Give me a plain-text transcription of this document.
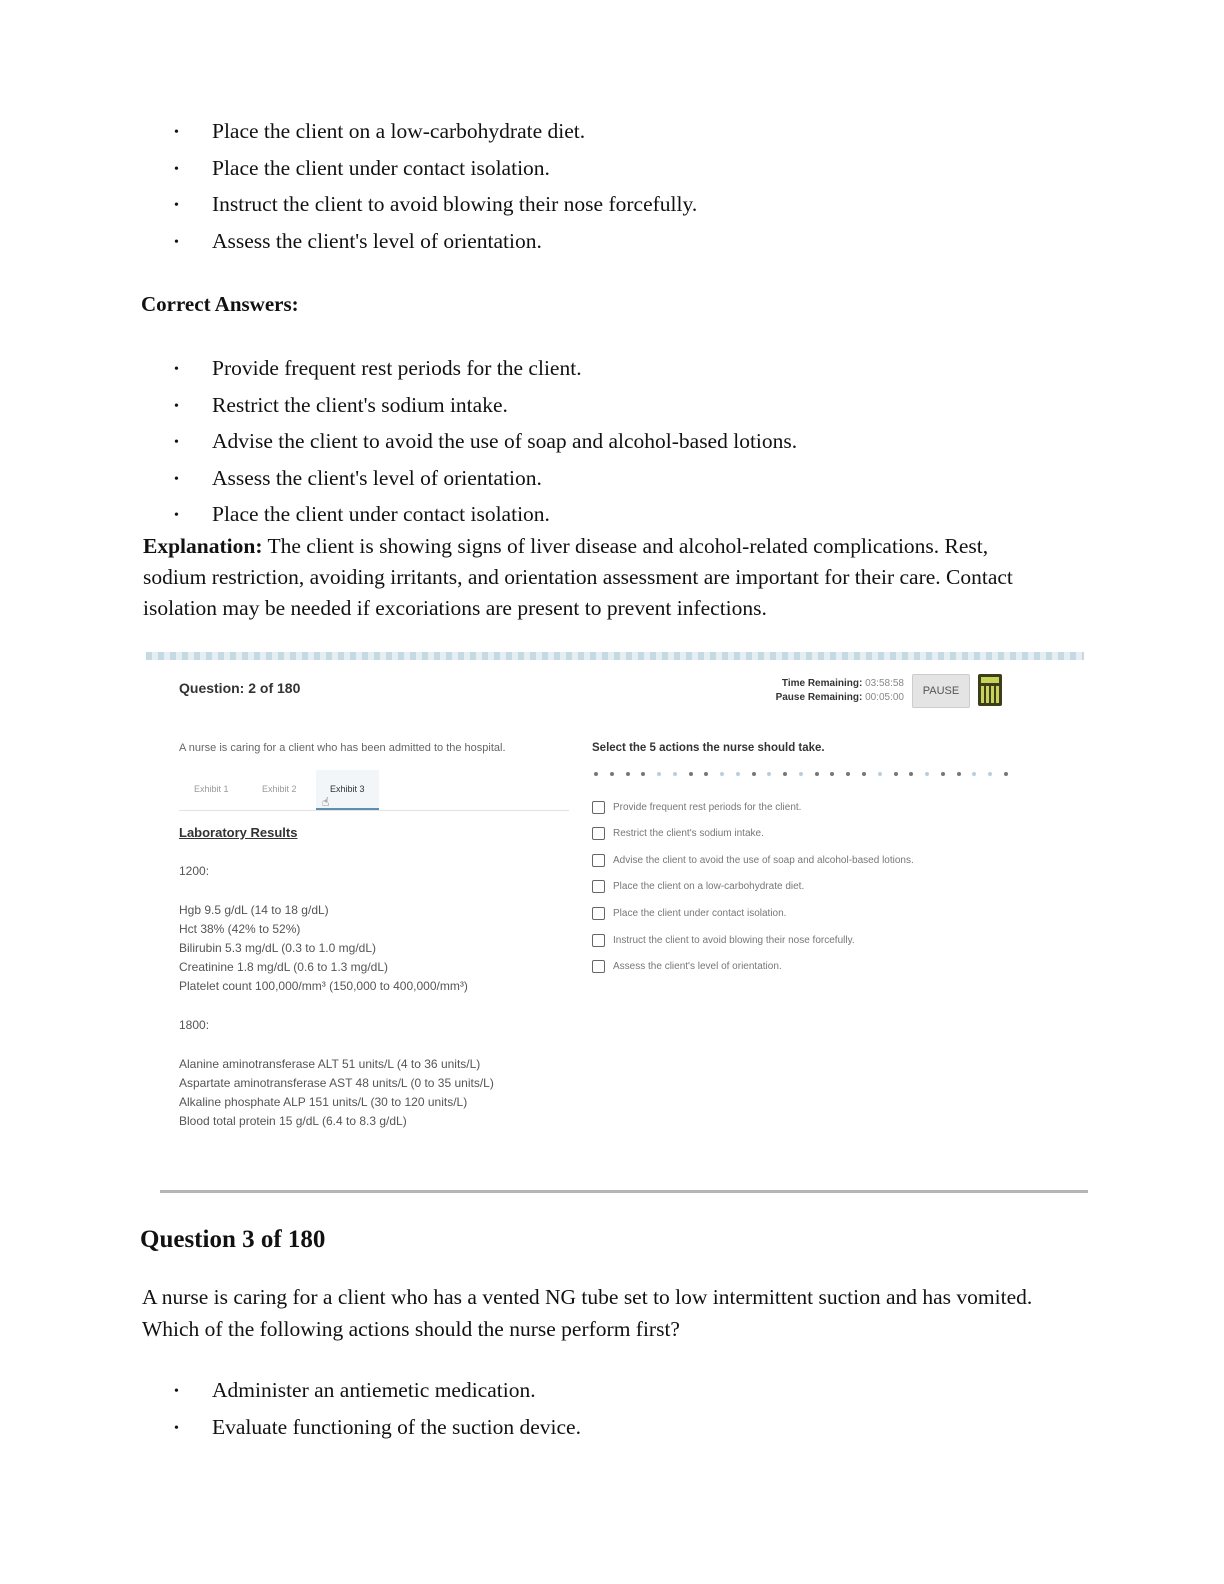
• Place the client on a low-carbohydrate diet.
• Place the client under contact isolation.
• Instruct the client to avoid blowing their nose forcefully.
• Assess the client's level of orientation.
Correct Answers:
• Provide frequent rest periods for the client.
• Restrict the client's sodium intake.
• Advise the client to avoid the use of soap and alcohol-based lotions.
• Assess the client's level of orientation.
• Place the client under contact isolation.
Explanation: The client is showing signs of liver disease and alcohol-related complications. Rest, sodium restriction, avoiding irritants, and orientation assessment are important for their care. Contact isolation may be needed if excoriations are present to prevent infections.
Question: 2 of 180	Time Remaining: 03:58:58
Pause Remaining: 00:05:00
PAUSE
A nurse is caring for a client who has been admitted to the hospital.
Exhibit 1	Exhibit 2	Exhibit 3
☝
Laboratory Results
1200:
Hgb 9.5 g/dL (14 to 18 g/dL)
Hct 38% (42% to 52%)
Bilirubin 5.3 mg/dL (0.3 to 1.0 mg/dL)
Creatinine 1.8 mg/dL (0.6 to 1.3 mg/dL)
Platelet count 100,000/mm³ (150,000 to 400,000/mm³)
1800:
Alanine aminotransferase ALT 51 units/L (4 to 36 units/L)
Aspartate aminotransferase AST 48 units/L (0 to 35 units/L)
Alkaline phosphate ALP 151 units/L (30 to 120 units/L)
Blood total protein 15 g/dL (6.4 to 8.3 g/dL)
Select the 5 actions the nurse should take.
Provide frequent rest periods for the client.
Restrict the client's sodium intake.
Advise the client to avoid the use of soap and alcohol-based lotions.
Place the client on a low-carbohydrate diet.
Place the client under contact isolation.
Instruct the client to avoid blowing their nose forcefully.
Assess the client's level of orientation.
Question 3 of 180
A nurse is caring for a client who has a vented NG tube set to low intermittent suction and has vomited. Which of the following actions should the nurse perform first?
• Administer an antiemetic medication.
• Evaluate functioning of the suction device.
